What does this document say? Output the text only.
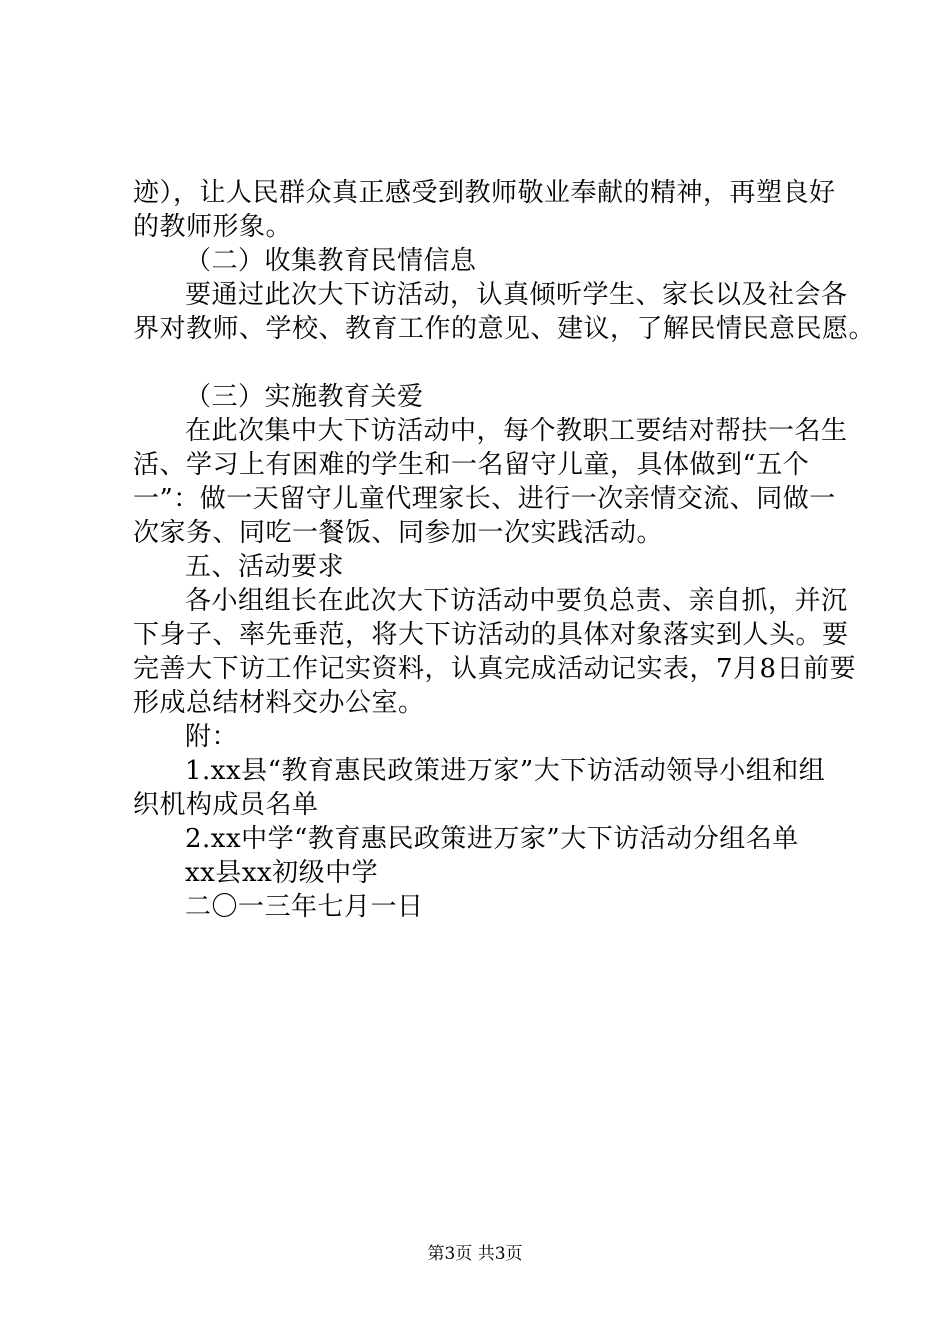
迹），让人民群众真正感受到教师敬业奉献的精神，再塑良好
的教师形象。
（二）收集教育民情信息
要通过此次大下访活动，认真倾听学生、家长以及社会各
界对教师、学校、教育工作的意见、建议，了解民情民意民愿。
（三）实施教育关爱
在此次集中大下访活动中，每个教职工要结对帮扶一名生
活、学习上有困难的学生和一名留守儿童，具体做到“五个
一”：做一天留守儿童代理家长、进行一次亲情交流、同做一
次家务、同吃一餐饭、同参加一次实践活动。
五、活动要求
各小组组长在此次大下访活动中要负总责、亲自抓，并沉
下身子、率先垂范，将大下访活动的具体对象落实到人头。要
完善大下访工作记实资料，认真完成活动记实表，7月8日前要
形成总结材料交办公室。
附：
1.xx县“教育惠民政策进万家”大下访活动领导小组和组
织机构成员名单
2.xx中学“教育惠民政策进万家”大下访活动分组名单
xx县xx初级中学
二〇一三年七月一日
第3页 共3页
